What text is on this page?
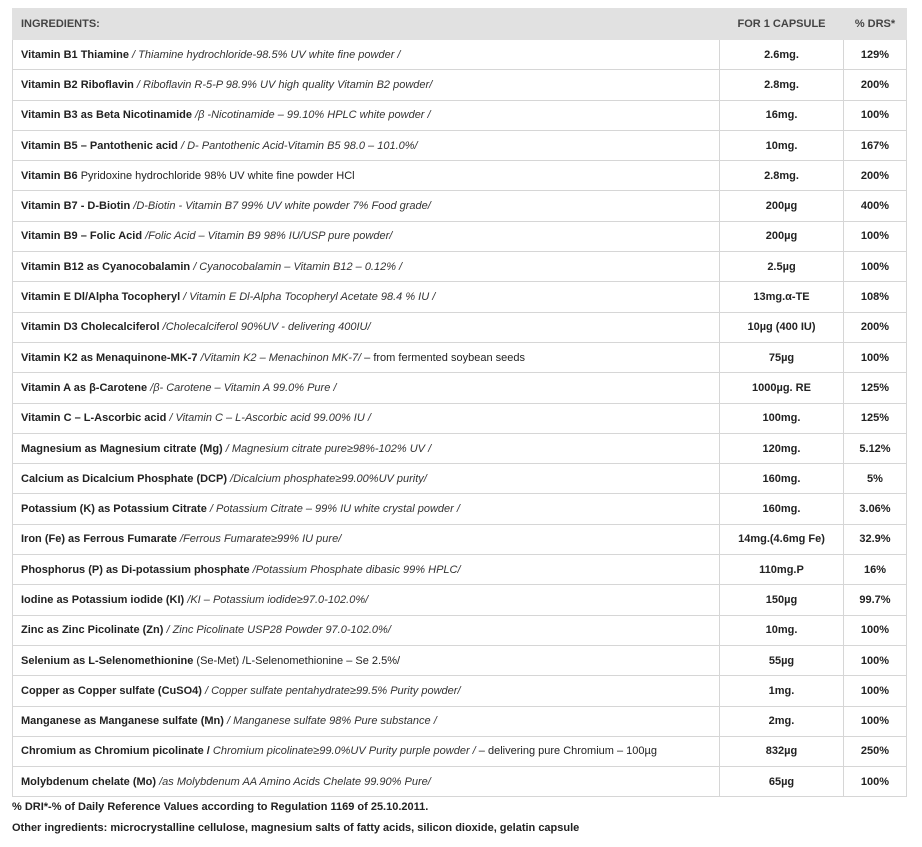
INGREDIENTS:	FOR 1 CAPSULE	% DRS*
Vitamin B1 Thiamine / Thiamine hydrochloride-98.5% UV white fine powder /	2.6mg.	129%
Vitamin B2 Riboflavin / Riboflavin R-5-P 98.9% UV high quality Vitamin B2 powder/	2.8mg.	200%
Vitamin B3 as Beta Nicotinamide /β -Nicotinamide – 99.10% HPLC white powder /	16mg.	100%
Vitamin B5 – Pantothenic acid / D- Pantothenic Acid-Vitamin B5 98.0 – 101.0%/	10mg.	167%
Vitamin B6 Pyridoxine hydrochloride 98% UV white fine powder HCl	2.8mg.	200%
Vitamin B7 - D-Biotin /D-Biotin - Vitamin B7 99% UV white powder 7% Food grade/	200µg	400%
Vitamin B9 – Folic Acid /Folic Acid – Vitamin B9 98% IU/USP pure powder/	200µg	100%
Vitamin B12 as Cyanocobalamin / Cyanocobalamin – Vitamin B12 – 0.12% /	2.5µg	100%
Vitamin E Dl/Alpha Tocopheryl / Vitamin E Dl-Alpha Tocopheryl Acetate 98.4 % IU /	13mg.α-TE	108%
Vitamin D3 Cholecalciferol /Cholecalciferol 90%UV - delivering 400IU/	10µg (400 IU)	200%
Vitamin K2 as Menaquinone-MK-7 /Vitamin K2 – Menachinon MK-7/ – from fermented soybean seeds	75µg	100%
Vitamin A as β-Carotene /β- Carotene – Vitamin A 99.0% Pure /	1000µg. RE	125%
Vitamin C – L-Ascorbic acid / Vitamin C – L-Ascorbic acid 99.00% IU /	100mg.	125%
Magnesium as Magnesium citrate (Mg) / Magnesium citrate pure≥98%-102% UV /	120mg.	5.12%
Calcium as Dicalcium Phosphate (DCP) /Dicalcium phosphate≥99.00%UV purity/	160mg.	5%
Potassium (K) as Potassium Citrate / Potassium Citrate – 99% IU white crystal powder /	160mg.	3.06%
Iron (Fe) as Ferrous Fumarate /Ferrous Fumarate≥99% IU pure/	14mg.(4.6mg Fe)	32.9%
Phosphorus (P) as Di-potassium phosphate /Potassium Phosphate dibasic 99% HPLC/	110mg.P	16%
Iodine as Potassium iodide (KI) /KI – Potassium iodide≥97.0-102.0%/	150µg	99.7%
Zinc as Zinc Picolinate (Zn) / Zinc Picolinate USP28 Powder 97.0-102.0%/	10mg.	100%
Selenium as L-Selenomethionine (Se-Met) /L-Selenomethionine – Se 2.5%/	55µg	100%
Copper as Copper sulfate (CuSO4) / Copper sulfate pentahydrate≥99.5% Purity powder/	1mg.	100%
Manganese as Manganese sulfate (Mn) / Manganese sulfate 98% Pure substance /	2mg.	100%
Chromium as Chromium picolinate / Chromium picolinate≥99.0%UV Purity purple powder / – delivering pure Chromium – 100µg	832µg	250%
Molybdenum chelate (Mo) /as Molybdenum AA Amino Acids Chelate 99.90% Pure/	65µg	100%
% DRI*-% of Daily Reference Values according to Regulation 1169 of 25.10.2011.
Other ingredients: microcrystalline cellulose, magnesium salts of fatty acids, silicon dioxide, gelatin capsule
